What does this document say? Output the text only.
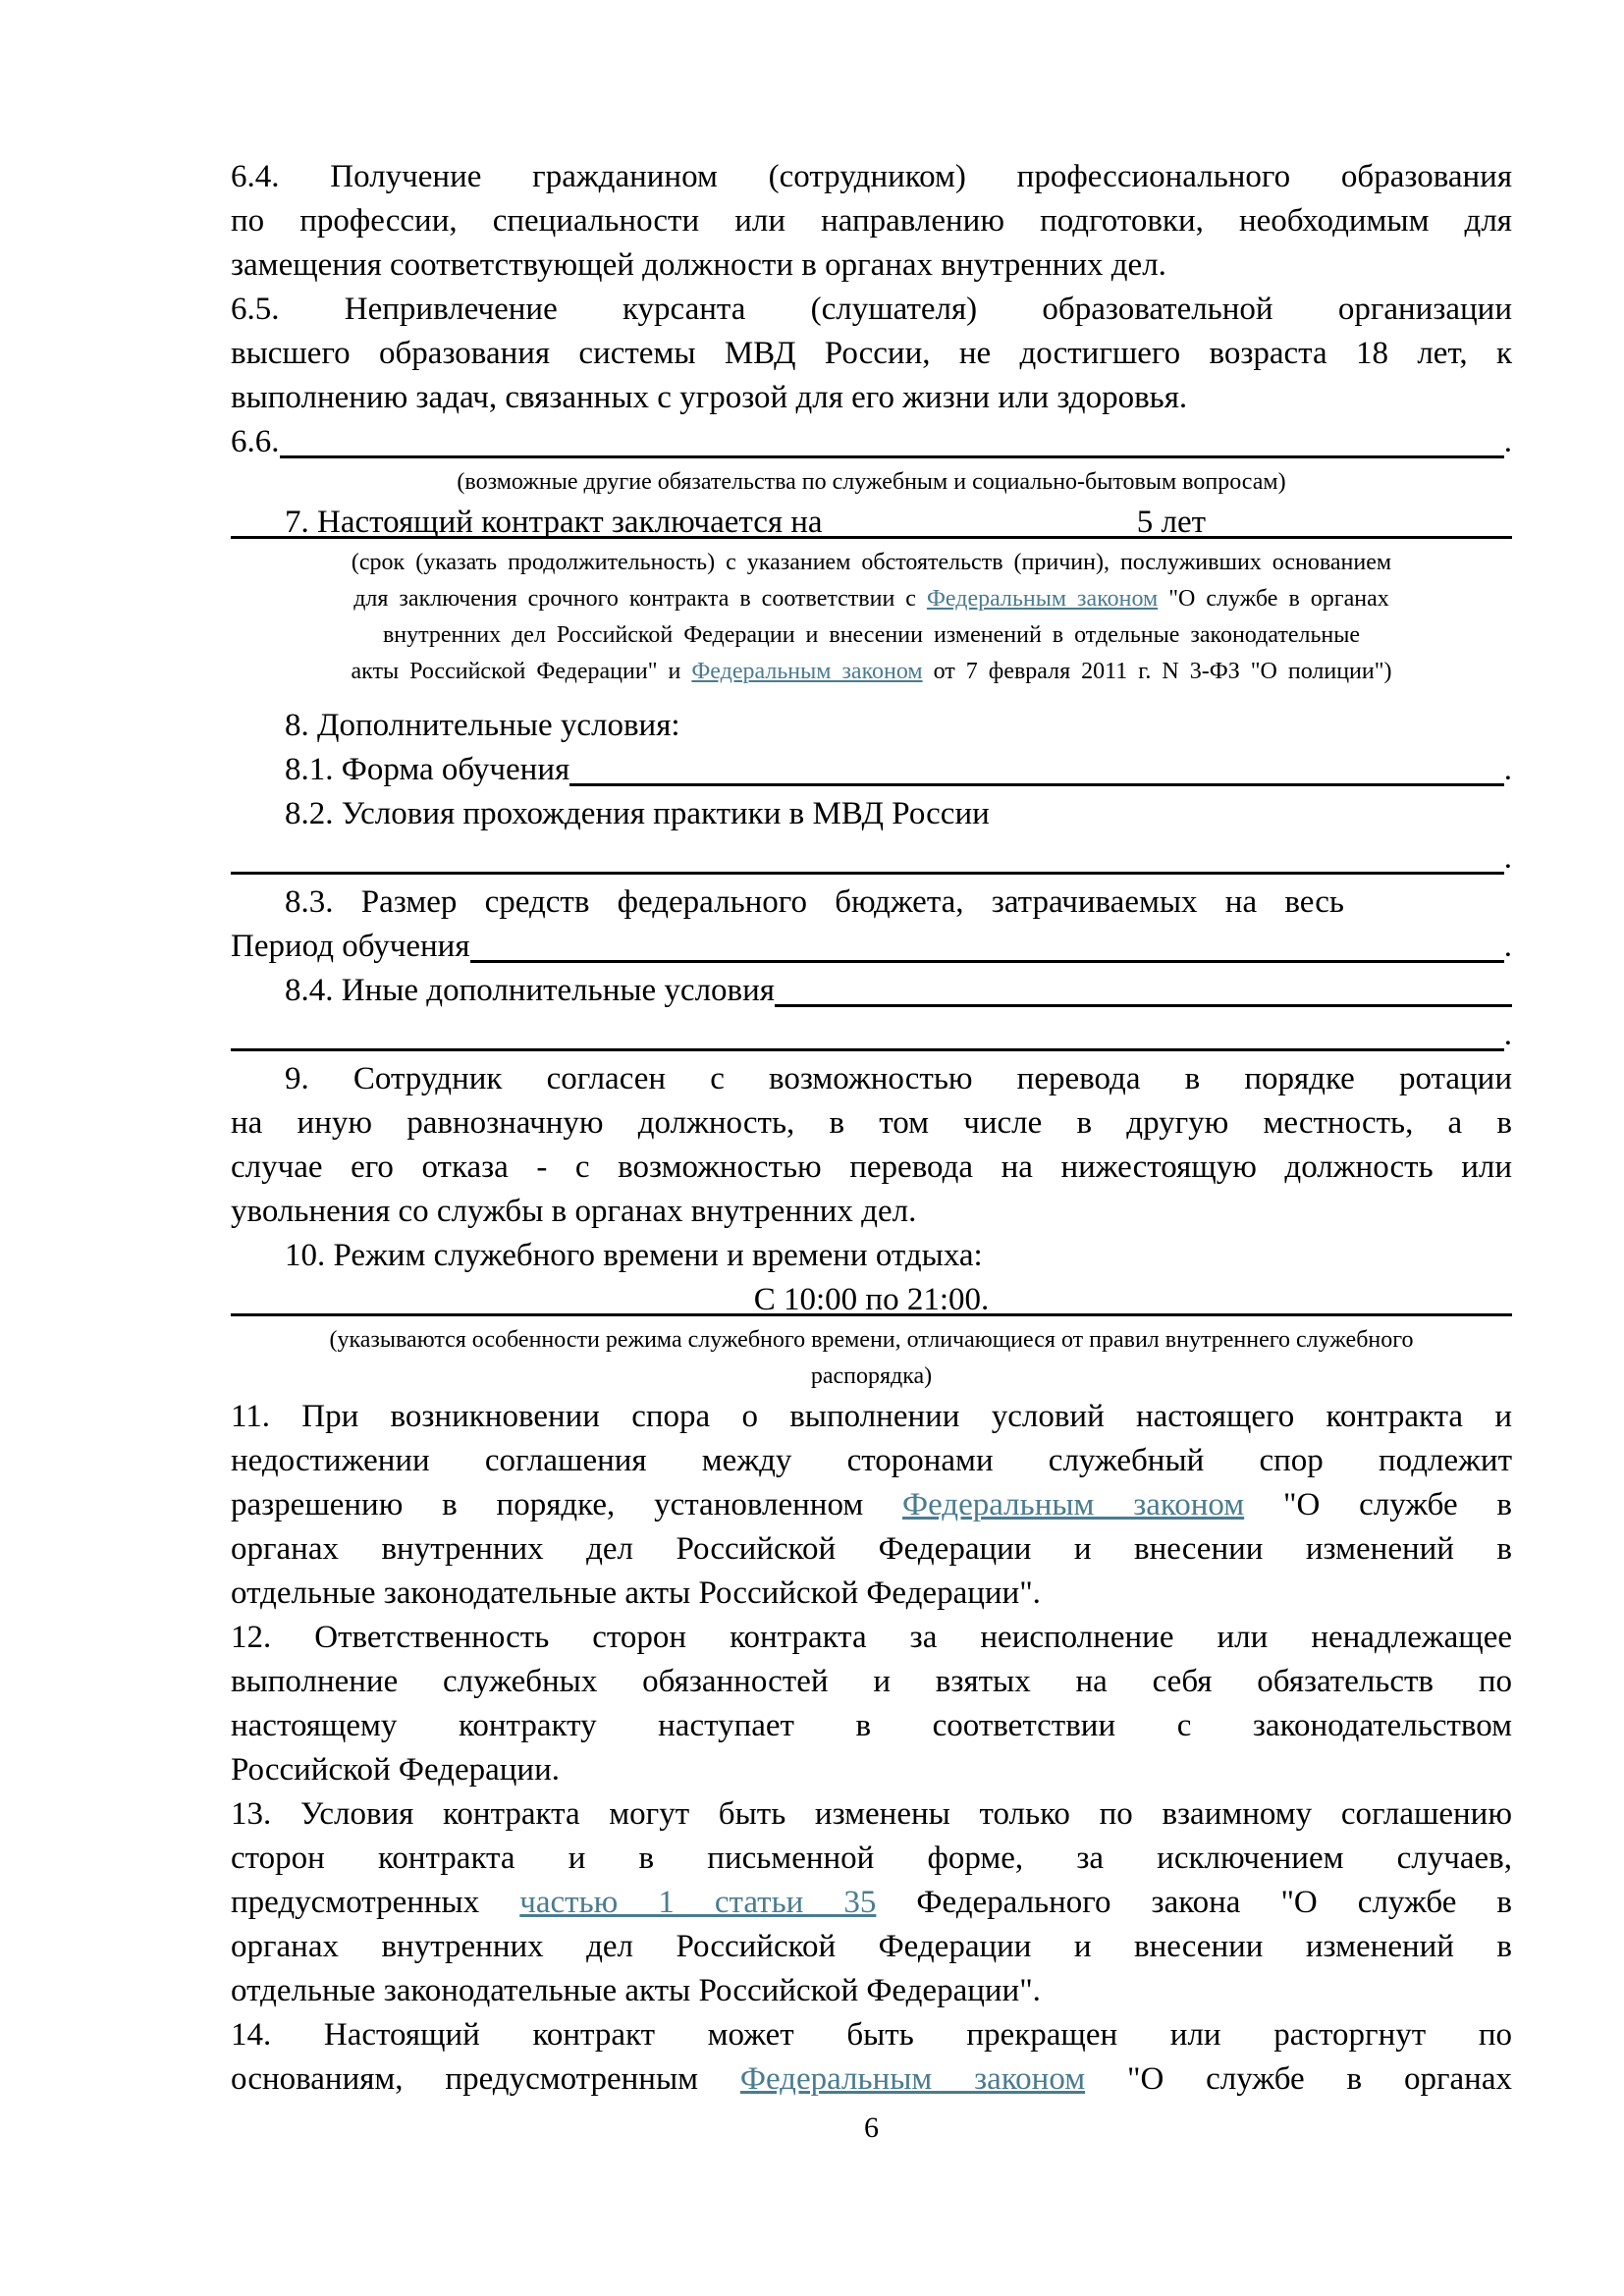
6.4. Получение гражданином (сотрудником) профессионального образования
по профессии, специальности или направлению подготовки, необходимым для
замещения соответствующей должности в органах внутренних дел.
6.5. Непривлечение курсанта (слушателя) образовательной организации
высшего образования системы МВД России, не достигшего возраста 18 лет, к
выполнению задач, связанных с угрозой для его жизни или здоровья.
6.6.	.
(возможные другие обязательства по служебным и социально-бытовым вопросам)
7. Настоящий контракт заключается на	5 лет
(срок (указать продолжительность) с указанием обстоятельств (причин), послуживших основанием
для заключения срочного контракта в соответствии с Федеральным законом "О службе в органах
внутренних дел Российской Федерации и внесении изменений в отдельные законодательные
акты Российской Федерации" и Федеральным законом от 7 февраля 2011 г. N 3-ФЗ "О полиции")
8. Дополнительные условия:
8.1. Форма обучения	.
8.2. Условия прохождения практики в МВД России
.
8.3. Размер средств федерального бюджета, затрачиваемых на весь
Период обучения	.
8.4. Иные дополнительные условия
.
9. Сотрудник согласен с возможностью перевода в порядке ротации
на иную равнозначную должность, в том числе в другую местность, а в
случае его отказа - с возможностью перевода на нижестоящую должность или
увольнения со службы в органах внутренних дел.
10. Режим служебного времени и времени отдыха:
С 10:00 по 21:00.
(указываются особенности режима служебного времени, отличающиеся от правил внутреннего служебного
распорядка)
11. При возникновении спора о выполнении условий настоящего контракта и
недостижении соглашения между сторонами служебный спор подлежит
разрешению в порядке, установленном Федеральным законом "О службе в
органах внутренних дел Российской Федерации и внесении изменений в
отдельные законодательные акты Российской Федерации".
12. Ответственность сторон контракта за неисполнение или ненадлежащее
выполнение служебных обязанностей и взятых на себя обязательств по
настоящему контракту наступает в соответствии с законодательством
Российской Федерации.
13. Условия контракта могут быть изменены только по взаимному соглашению
сторон контракта и в письменной форме, за исключением случаев,
предусмотренных частью 1 статьи 35 Федерального закона "О службе в
органах внутренних дел Российской Федерации и внесении изменений в
отдельные законодательные акты Российской Федерации".
14. Настоящий контракт может быть прекращен или расторгнут по
основаниям, предусмотренным Федеральным законом "О службе в органах
6
